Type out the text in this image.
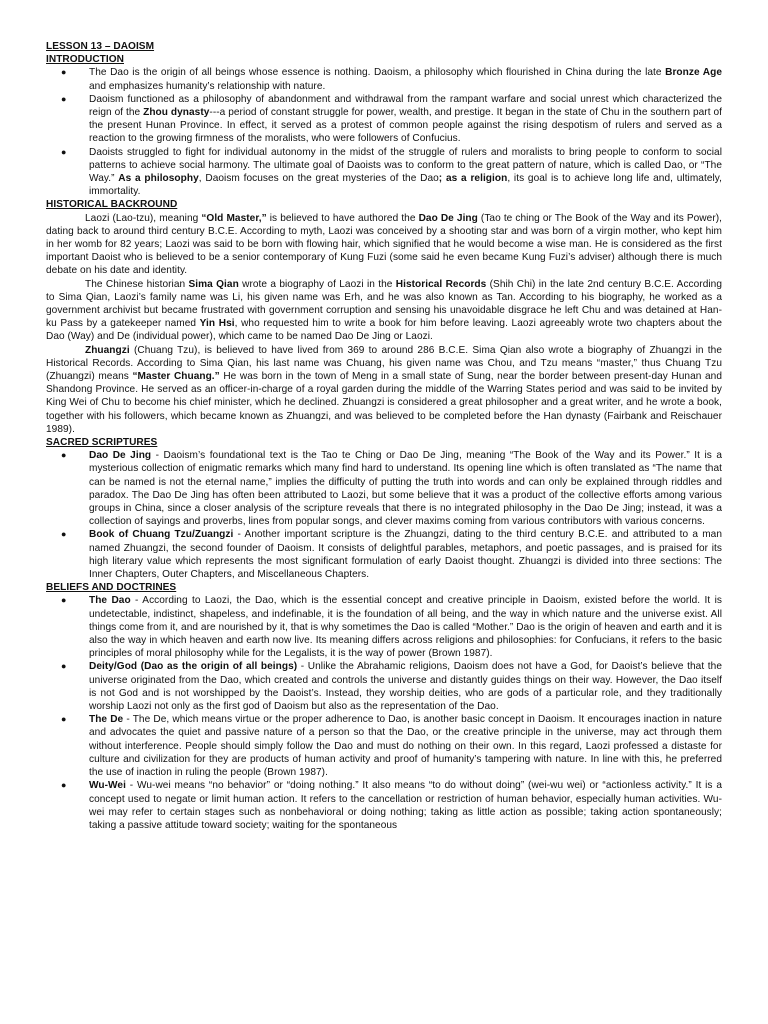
LESSON 13 – DAOISM
INTRODUCTION
● The Dao is the origin of all beings whose essence is nothing. Daoism, a philosophy which flourished in China during the late Bronze Age and emphasizes humanity’s relationship with nature.
● Daoism functioned as a philosophy of abandonment and withdrawal from the rampant warfare and social unrest which characterized the reign of the Zhou dynasty---a period of constant struggle for power, wealth, and prestige. It began in the state of Chu in the southern part of the present Hunan Province. In effect, it served as a protest of common people against the rising despotism of rulers and served as a reaction to the growing firmness of the moralists, who were followers of Confucius.
● Daoists struggled to fight for individual autonomy in the midst of the struggle of rulers and moralists to bring people to conform to social patterns to achieve social harmony. The ultimate goal of Daoists was to conform to the great pattern of nature, which is called Dao, or “The Way.” As a philosophy, Daoism focuses on the great mysteries of the Dao; as a religion, its goal is to achieve long life and, ultimately, immortality.
HISTORICAL BACKROUND

Laozi (Lao-tzu), meaning “Old Master,” is believed to have authored the Dao De Jing (Tao te ching or The Book of the Way and its Power), dating back to around third century B.C.E. According to myth, Laozi was conceived by a shooting star and was born of a virgin mother, who kept him in her womb for 82 years; Laozi was said to be born with flowing hair, which signified that he would become a wise man. He is considered as the first important Daoist who is believed to be a senior contemporary of Kung Fuzi (some said he even became Kung Fuzi’s adviser) although there is much debate on his date and identity.

The Chinese historian Sima Qian wrote a biography of Laozi in the Historical Records (Shih Chi) in the late 2nd century B.C.E. According to Sima Qian, Laozi’s family name was Li, his given name was Erh, and he was also known as Tan. According to his biography, he worked as a government archivist but became frustrated with government corruption and sensing his unavoidable disgrace he left Chu and was detained at Han-ku Pass by a gatekeeper named Yin Hsi, who requested him to write a book for him before leaving. Laozi agreeably wrote two chapters about the Dao (Way) and De (individual power), which came to be named Dao De Jing or Laozi.

Zhuangzi (Chuang Tzu), is believed to have lived from 369 to around 286 B.C.E. Sima Qian also wrote a biography of Zhuangzi in the Historical Records. According to Sima Qian, his last name was Chuang, his given name was Chou, and Tzu means “master,” thus Chuang Tzu (Zhuangzi) means “Master Chuang.” He was born in the town of Meng in a small state of Sung, near the border between present-day Hunan and Shandong Province. He served as an officer-in-charge of a royal garden during the middle of the Warring States period and was said to be invited by King Wei of Chu to become his chief minister, which he declined. Zhuangzi is considered a great philosopher and a great writer, and he wrote a book, together with his followers, which became known as Zhuangzi, and was believed to be completed before the Han dynasty (Fairbank and Reischauer 1989).

SACRED SCRIPTURES
● Dao De Jing - Daoism’s foundational text is the Tao te Ching or Dao De Jing, meaning “The Book of the Way and its Power.” It is a mysterious collection of enigmatic remarks which many find hard to understand. Its opening line which is often translated as “The name that can be named is not the eternal name,” implies the difficulty of putting the truth into words and can only be explained through riddles and paradox. The Dao De Jing has often been attributed to Laozi, but some believe that it was a product of the collective efforts among various groups in China, since a closer analysis of the scripture reveals that there is no integrated philosophy in the Dao De Jing; instead, it was a collection of sayings and proverbs, lines from popular songs, and clever maxims coming from various contributors with various concerns.
● Book of Chuang Tzu/Zuangzi - Another important scripture is the Zhuangzi, dating to the third century B.C.E. and attributed to a man named Zhuangzi, the second founder of Daoism. It consists of delightful parables, metaphors, and poetic passages, and is praised for its high literary value which represents the most significant formulation of early Daoist thought. Zhuangzi is divided into three sections: The Inner Chapters, Outer Chapters, and Miscellaneous Chapters.
BELIEFS AND DOCTRINES
● The Dao - According to Laozi, the Dao, which is the essential concept and creative principle in Daoism, existed before the world. It is undetectable, indistinct, shapeless, and indefinable, it is the foundation of all being, and the way in which nature and the universe exist. All things come from it, and are nourished by it, that is why sometimes the Dao is called “Mother.” Dao is the origin of heaven and earth and it is also the way in which heaven and earth now live. Its meaning differs across religions and philosophies: for Confucians, it refers to the basic principles of moral philosophy while for the Legalists, it is the way of power (Brown 1987).
● Deity/God (Dao as the origin of all beings) - Unlike the Abrahamic religions, Daoism does not have a God, for Daoist’s believe that the universe originated from the Dao, which created and controls the universe and distantly guides things on their way. However, the Dao itself is not God and is not worshipped by the Daoist’s. Instead, they worship deities, who are gods of a particular role, and they traditionally worship Laozi not only as the first god of Daoism but also as the representation of the Dao.
● The De - The De, which means virtue or the proper adherence to Dao, is another basic concept in Daoism. It encourages inaction in nature and advocates the quiet and passive nature of a person so that the Dao, or the creative principle in the universe, may act through them without interference. People should simply follow the Dao and must do nothing on their own. In this regard, Laozi professed a distaste for culture and civilization for they are products of human activity and proof of humanity’s tampering with nature. In line with this, he preferred the use of inaction in ruling the people (Brown 1987).
● Wu-Wei - Wu-wei means “no behavior” or “doing nothing.” It also means “to do without doing” (wei-wu wei) or “actionless activity.” It is a concept used to negate or limit human action. It refers to the cancellation or restriction of human behavior, especially human activities. Wu-wei may refer to certain stages such as nonbehavioral or doing nothing; taking as little action as possible; taking action spontaneously; taking a passive attitude toward society; waiting for the spontaneous
